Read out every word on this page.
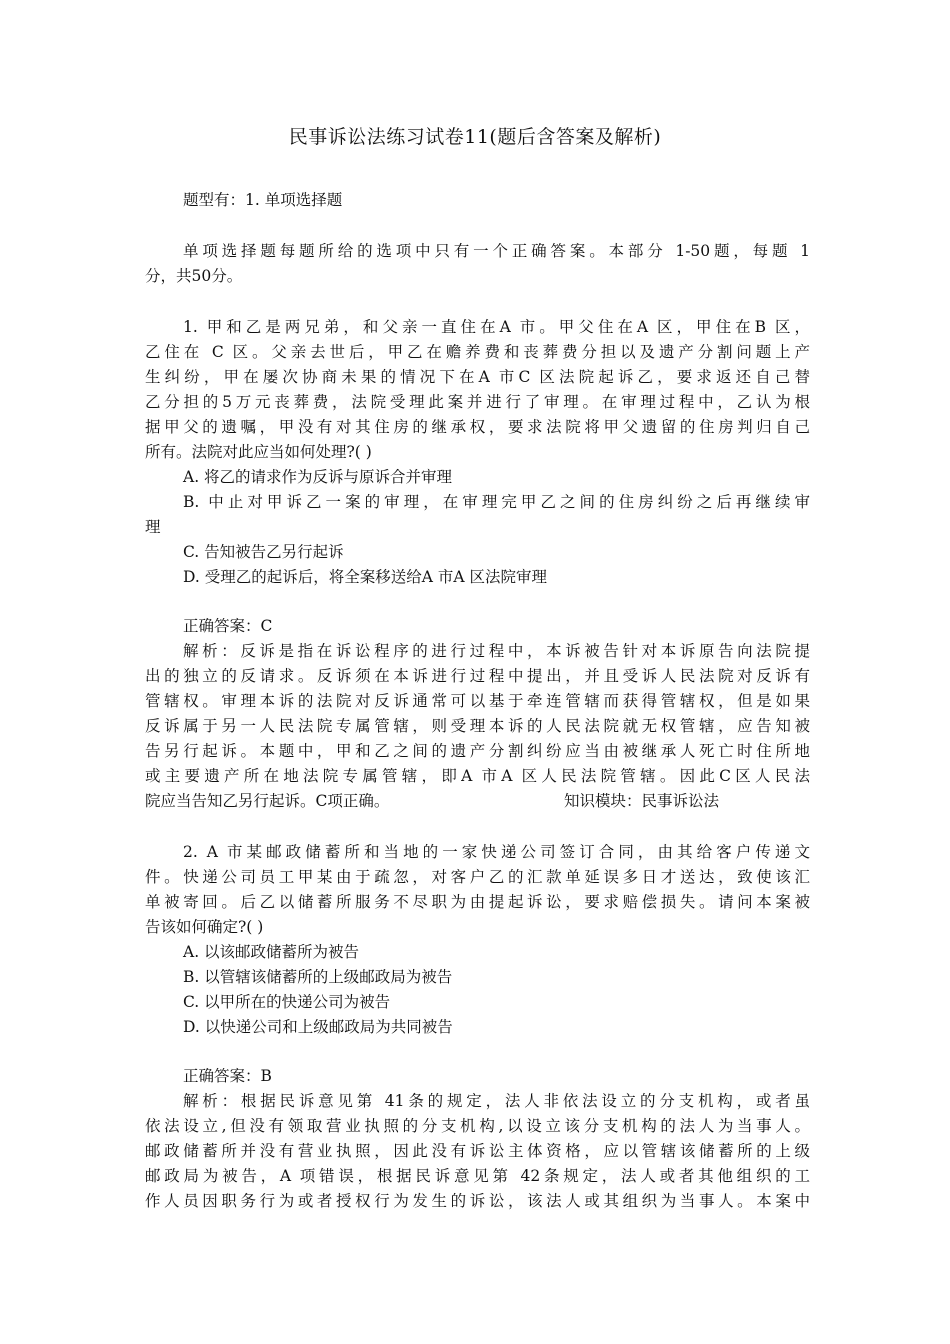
民事诉讼法练习试卷11(题后含答案及解析)
题型有：1. 单项选择题
单项选择题每题所给的选项中只有一个正确答案。本部分 1-50题，每题 1
分，共50分。
1. 甲和乙是两兄弟，和父亲一直住在A 市。甲父住在A 区，甲住在B 区，
乙住在 C 区。父亲去世后，甲乙在赡养费和丧葬费分担以及遗产分割问题上产
生纠纷，甲在屡次协商未果的情况下在A 市C 区法院起诉乙，要求返还自己替
乙分担的5万元丧葬费，法院受理此案并进行了审理。在审理过程中，乙认为根
据甲父的遗嘱，甲没有对其住房的继承权，要求法院将甲父遗留的住房判归自己
所有。法院对此应当如何处理?( )
A. 将乙的请求作为反诉与原诉合并审理
B. 中止对甲诉乙一案的审理，在审理完甲乙之间的住房纠纷之后再继续审
理
C. 告知被告乙另行起诉
D. 受理乙的起诉后，将全案移送给A 市A 区法院审理
正确答案：C
解析：反诉是指在诉讼程序的进行过程中，本诉被告针对本诉原告向法院提
出的独立的反请求。反诉须在本诉进行过程中提出，并且受诉人民法院对反诉有
管辖权。审理本诉的法院对反诉通常可以基于牵连管辖而获得管辖权，但是如果
反诉属于另一人民法院专属管辖，则受理本诉的人民法院就无权管辖，应告知被
告另行起诉。本题中，甲和乙之间的遗产分割纠纷应当由被继承人死亡时住所地
或主要遗产所在地法院专属管辖，即A 市A 区人民法院管辖。因此C区人民法
院应当告知乙另行起诉。C项正确。	知识模块：民事诉讼法
2. A 市某邮政储蓄所和当地的一家快递公司签订合同，由其给客户传递文
件。快递公司员工甲某由于疏忽，对客户乙的汇款单延误多日才送达，致使该汇
单被寄回。后乙以储蓄所服务不尽职为由提起诉讼，要求赔偿损失。请问本案被
告该如何确定?( )
A. 以该邮政储蓄所为被告
B. 以管辖该储蓄所的上级邮政局为被告
C. 以甲所在的快递公司为被告
D. 以快递公司和上级邮政局为共同被告
正确答案：B
解析：根据民诉意见第 41条的规定，法人非依法设立的分支机构，或者虽
依法设立,但没有领取营业执照的分支机构,以设立该分支机构的法人为当事人。
邮政储蓄所并没有营业执照，因此没有诉讼主体资格，应以管辖该储蓄所的上级
邮政局为被告，A 项错误，根据民诉意见第 42条规定，法人或者其他组织的工
作人员因职务行为或者授权行为发生的诉讼，该法人或其组织为当事人。本案中
